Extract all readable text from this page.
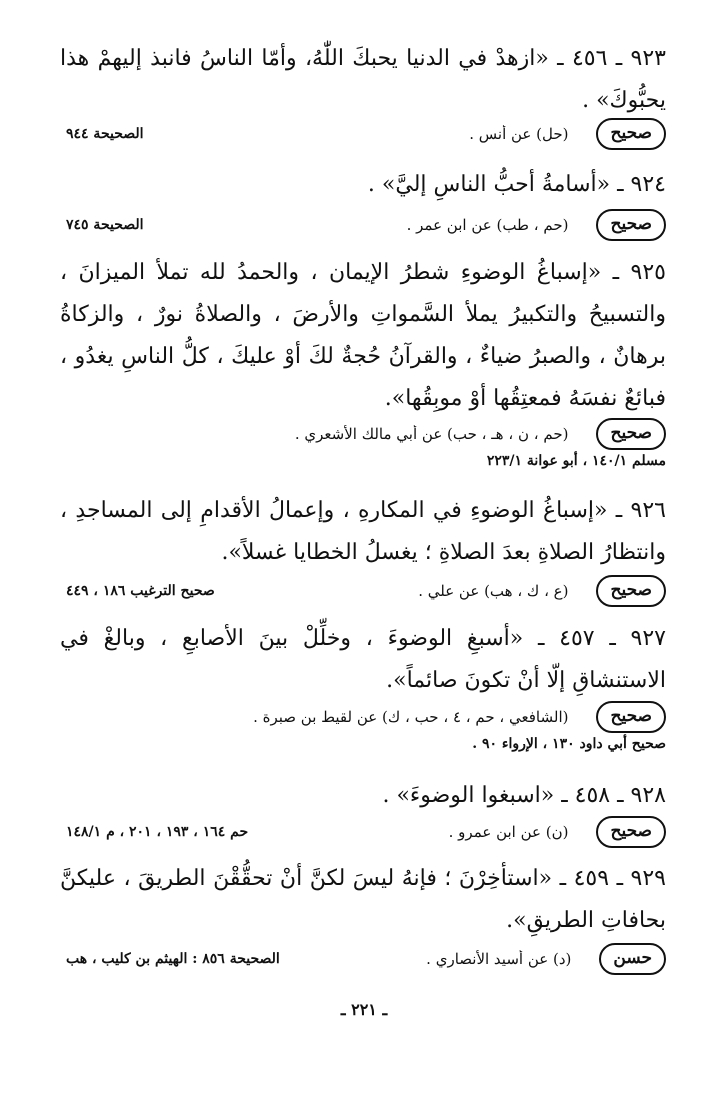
٩٢٣ ـ ٤٥٦ ـ «ازهدْ في الدنيا يحبكَ اللّٰهُ، وأمّا الناسُ فانبذ إليهمْ هذا يحبُّوكَ» .
صحيح
(حل) عن أنس .
الصحيحة ٩٤٤
٩٢٤ ـ «أسامةُ أحبُّ الناسِ إليَّ» .
صحيح
(حم ، طب) عن ابن عمر .
الصحيحة ٧٤٥
٩٢٥ ـ «إسباغُ الوضوءِ شطرُ الإيمان ، والحمدُ لله تملأ الميزانَ ، والتسبيحُ والتكبيرُ يملأ السَّمواتِ والأرضَ ، والصلاةُ نورٌ ، والزكاةُ برهانٌ ، والصبرُ ضياءٌ ، والقرآنُ حُجةٌ لكَ أوْ عليكَ ، كلُّ الناسِ يغدُو ، فبائعٌ نفسَهُ فمعتِقُها أوْ موبِقُها».
صحيح
(حم ، ن ، هـ ، حب) عن أبي مالك الأشعري .
مسلم ١٤٠/١ ، أبو عوانة ٢٢٣/١
٩٢٦ ـ «إسباغُ الوضوءِ في المكارهِ ، وإعمالُ الأقدامِ إلى المساجدِ ، وانتظارُ الصلاةِ بعدَ الصلاةِ ؛ يغسلُ الخطايا غسلاً».
صحيح
(ع ، ك ، هب) عن علي .
صحيح الترغيب ١٨٦ ، ٤٤٩
٩٢٧ ـ ٤٥٧ ـ «أسبغِ الوضوءَ ، وخلِّلْ بينَ الأصابعِ ، وبالغْ في الاستنشاقِ إلّا أنْ تكونَ صائماً».
صحيح
(الشافعي ، حم ، ٤ ، حب ، ك) عن لقيط بن صبرة .
صحيح أبي داود ١٣٠ ، الإرواء ٩٠ .
٩٢٨ ـ ٤٥٨ ـ «اسبغوا الوضوءَ» .
صحيح
(ن) عن ابن عمرو .
حم ١٦٤ ، ١٩٣ ، ٢٠١ ، م ١٤٨/١
٩٢٩ ـ ٤٥٩ ـ «استأخِرْنَ ؛ فإنهُ ليسَ لكنَّ أنْ تحقُّقْنَ الطريقَ ، عليكنَّ بحافاتِ الطريقِ».
حسن
(د) عن أسيد الأنصاري .
الصحيحة ٨٥٦ : الهيثم بن كليب ، هب
ـ ٢٢١ ـ
